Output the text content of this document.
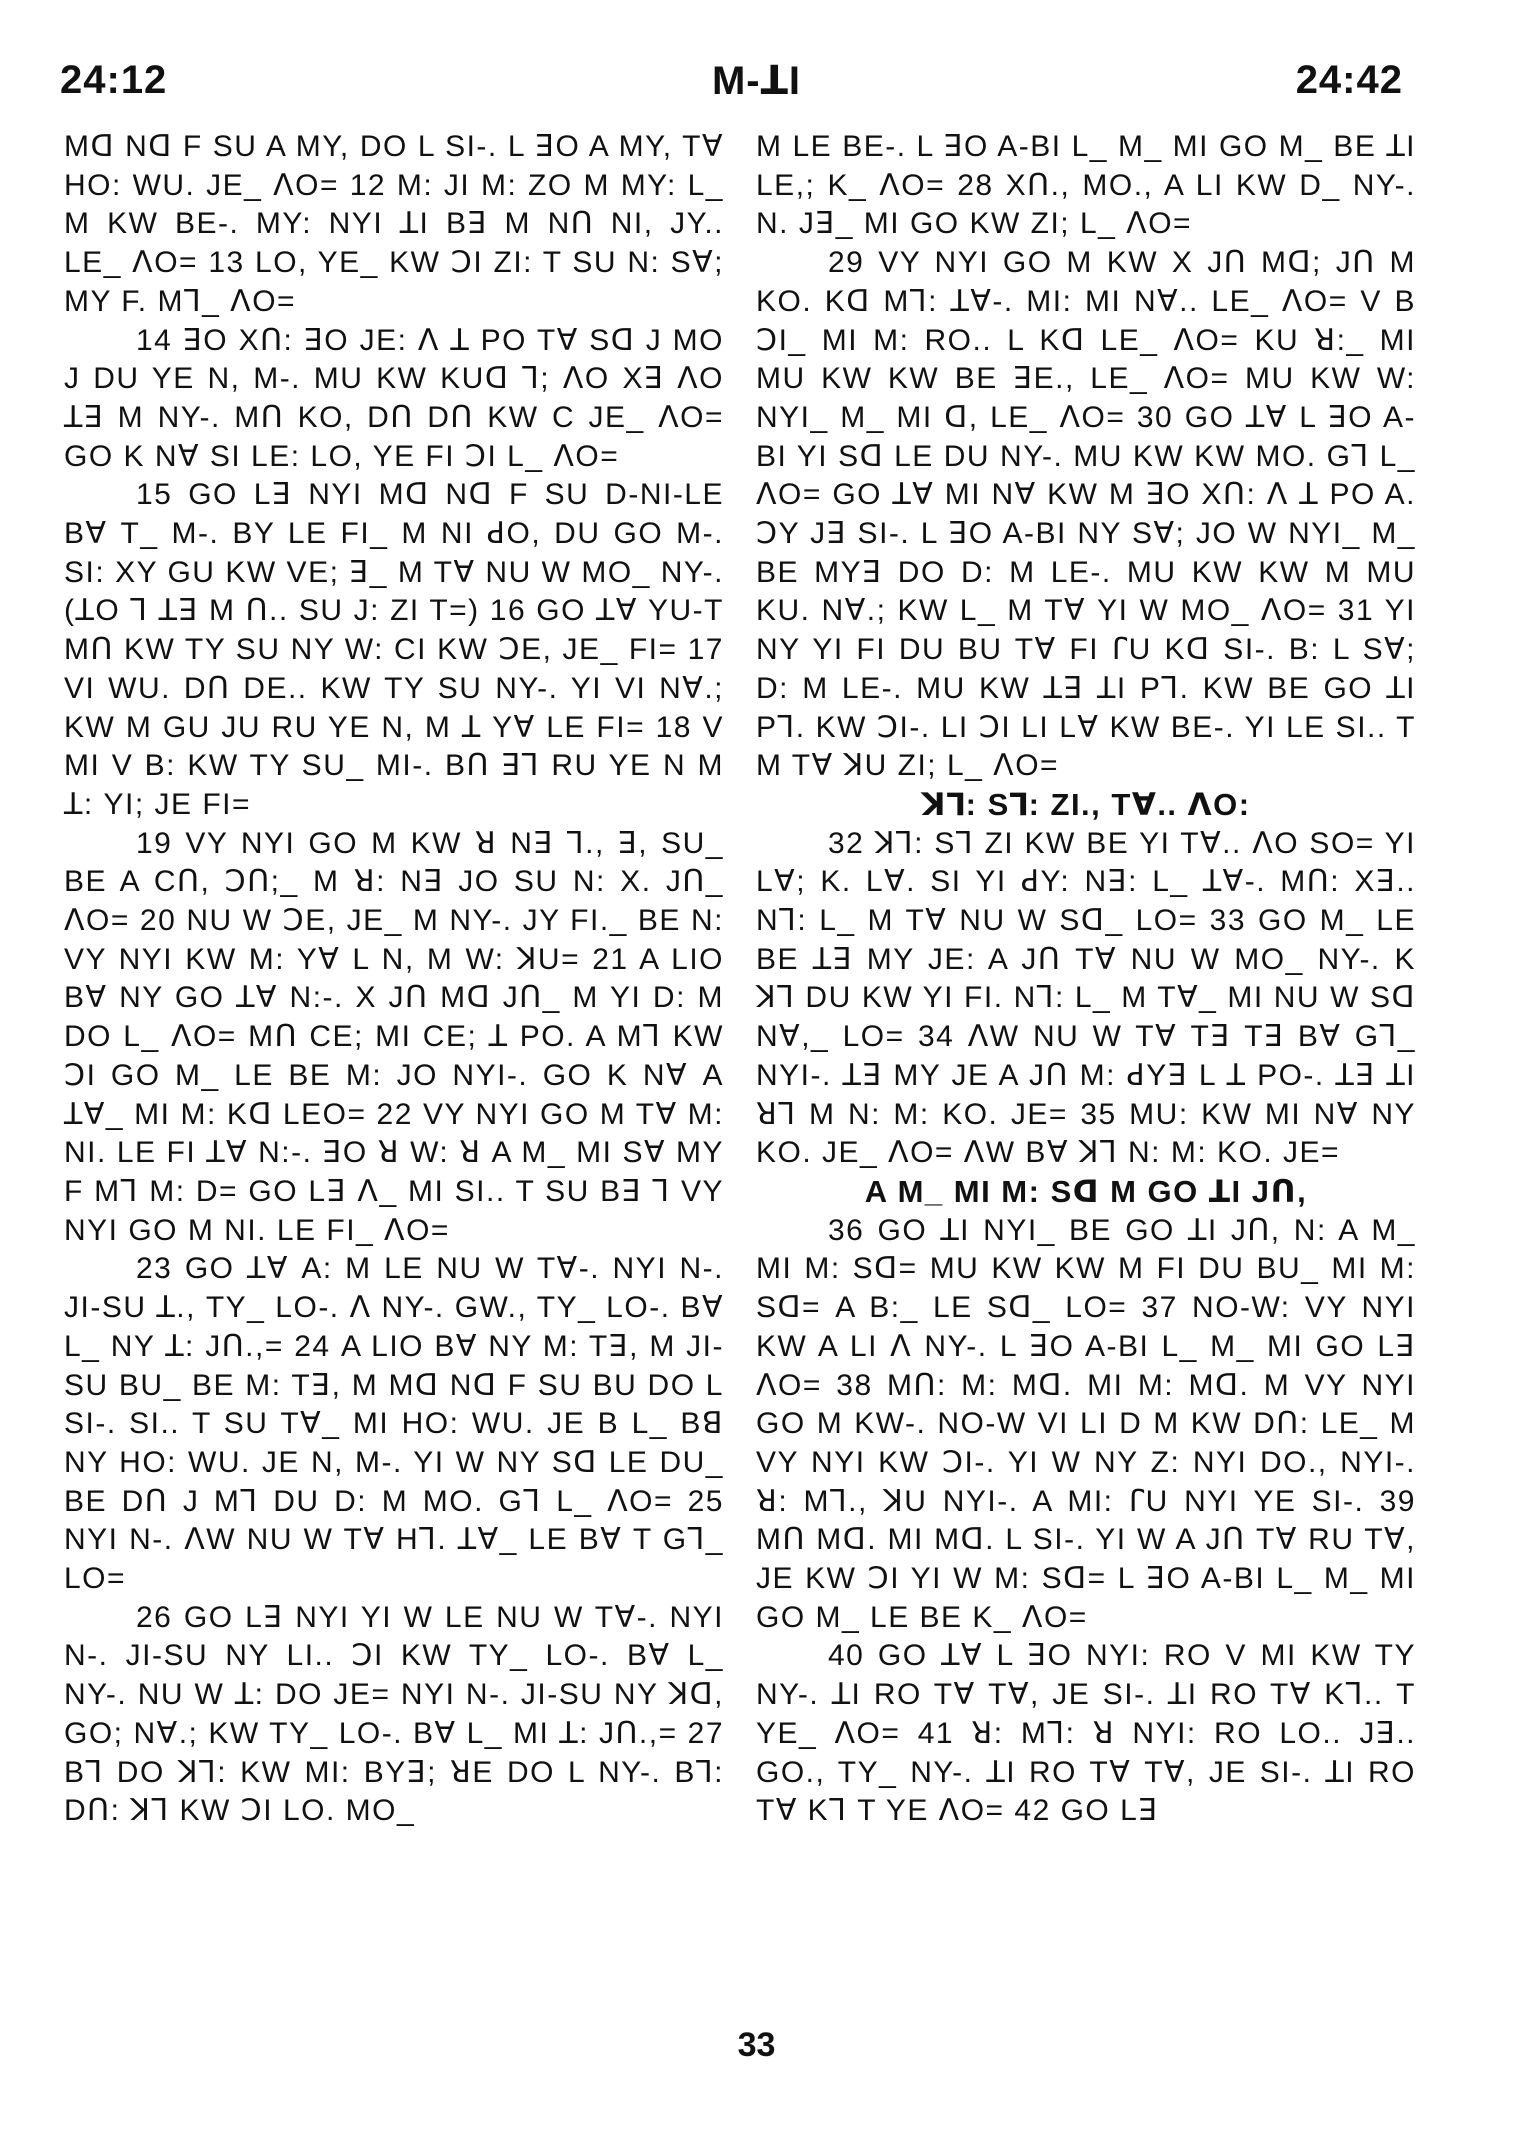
24:12	M-ꓕI	24:42

Mꓷ Nꓷ F SU A MY, DO L SI-. L ꓱO A MY, Tꓯ HO: WU. JE_ ꓥO= 12 M: JI M: ZO M MY: L_ M KW BE-. MY: NYI ꓕI Bꓱ M Nꓵ NI, JY.. LE_ ꓥO= 13 LO, YE_ KW ꓛI ZI: T SU N: Sꓯ; MY F. Mꓶ_ ꓥO=

14 ꓱO Xꓵ: ꓱO JE: ꓥ ꓕ PO Tꓯ Sꓷ J MO J DU YE N, M-. MU KW KUꓷ ꓶ; ꓥO Xꓱ ꓥO ꓕꓱ M NY-. Mꓵ KO, Dꓵ Dꓵ KW C JE_ ꓥO= GO K Nꓯ SI LE: LO, YE FI ꓛI L_ ꓥO=

15 GO Lꓱ NYI Mꓷ Nꓷ F SU D-NI-LE Bꓯ T_ M-. BY LE FI_ M NI ꓒO, DU GO M-. SI: XY GU KW VE; ꓱ_ M Tꓯ NU W MO_ NY-. (ꓕO ꓶ ꓕꓱ M ꓵ.. SU J: ZI T=) 16 GO ꓕꓯ YU-T Mꓵ KW TY SU NY W: CI KW ꓛE, JE_ FI= 17 VI WU. Dꓵ DE.. KW TY SU NY-. YI VI Nꓯ.; KW M GU JU RU YE N, M ꓕ Yꓯ LE FI= 18 V MI V B: KW TY SU_ MI-. Bꓵ ꓱꓶ RU YE N M ꓕ: YI; JE FI=

19 VY NYI GO M KW ꓤ Nꓱ ꓶ., ꓱ, SU_ BE A Cꓵ, ꓛꓵ;_ M ꓤ: Nꓱ JO SU N: X. Jꓵ_ ꓥO= 20 NU W ꓛE, JE_ M NY-. JY FI._ BE N: VY NYI KW M: Yꓯ L N, M W: ꓘU= 21 A LIO Bꓯ NY GO ꓕꓯ N:-. X Jꓵ Mꓷ Jꓵ_ M YI D: M DO L_ ꓥO= Mꓵ CE; MI CE; ꓕ PO. A Mꓶ KW ꓛI GO M_ LE BE M: JO NYI-. GO K Nꓯ A ꓕꓯ_ MI M: Kꓷ LEO= 22 VY NYI GO M Tꓯ M: NI. LE FI ꓕꓯ N:-. ꓱO ꓤ W: ꓤ A M_ MI Sꓯ MY F Mꓶ M: D= GO Lꓱ ꓥ_ MI SI.. T SU Bꓱ ꓶ VY NYI GO M NI. LE FI_ ꓥO=

23 GO ꓕꓯ A: M LE NU W Tꓯ-. NYI N-. JI-SU ꓕ., TY_ LO-. ꓥ NY-. GW., TY_ LO-. Bꓯ L_ NY ꓕ: Jꓵ.,= 24 A LIO Bꓯ NY M: Tꓱ, M JI-SU BU_ BE M: Tꓱ, M Mꓷ Nꓷ F SU BU DO L SI-. SI.. T SU Tꓯ_ MI HO: WU. JE B L_ Bꓭ NY HO: WU. JE N, M-. YI W NY Sꓷ LE DU_ BE Dꓵ J Mꓶ DU D: M MO. Gꓶ L_ ꓥO= 25 NYI N-. ꓥW NU W Tꓯ Hꓶ. ꓕꓯ_ LE Bꓯ T Gꓶ_ LO=

26 GO Lꓱ NYI YI W LE NU W Tꓯ-. NYI N-. JI-SU NY LI.. ꓛI KW TY_ LO-. Bꓯ L_ NY-. NU W ꓕ: DO JE= NYI N-. JI-SU NY ꓘꓷ, GO; Nꓯ.; KW TY_ LO-. Bꓯ L_ MI ꓕ: Jꓵ.,= 27 Bꓶ DO ꓘꓶ: KW MI: BYꓱ; ꓤE DO L NY-. Bꓶ: Dꓵ: ꓘꓶ KW ꓛI LO. MO_

M LE BE-. L ꓱO A-BI L_ M_ MI GO M_ BE ꓕI LE,; K_ ꓥO= 28 Xꓵ., MO., A LI KW D_ NY-. N. Jꓱ_ MI GO KW ZI; L_ ꓥO=

29 VY NYI GO M KW X Jꓵ Mꓷ; Jꓵ M KO. Kꓷ Mꓶ: ꓕꓯ-. MI: MI Nꓯ.. LE_ ꓥO= V B ꓛI_ MI M: RO.. L Kꓷ LE_ ꓥO= KU ꓤ:_ MI MU KW KW BE ꓱE., LE_ ꓥO= MU KW W: NYI_ M_ MI ꓷ, LE_ ꓥO= 30 GO ꓕꓯ L ꓱO A-BI YI Sꓷ LE DU NY-. MU KW KW MO. Gꓶ L_ ꓥO= GO ꓕꓯ MI Nꓯ KW M ꓱO Xꓵ: ꓥ ꓕ PO A. ꓛY Jꓱ SI-. L ꓱO A-BI NY Sꓯ; JO W NYI_ M_ BE MYꓱ DO D: M LE-. MU KW KW M MU KU. Nꓯ.; KW L_ M Tꓯ YI W MO_ ꓥO= 31 YI NY YI FI DU BU Tꓯ FI ꓩU Kꓷ SI-. B: L Sꓯ; D: M LE-. MU KW ꓕꓱ ꓕI Pꓶ. KW BE GO ꓕI Pꓶ. KW ꓛI-. LI ꓛI LI Lꓯ KW BE-. YI LE SI.. T M Tꓯ ꓘU ZI; L_ ꓥO=

ꓘꓶ: Sꓶ: ZI., Tꓯ.. ꓥO:

32 ꓘꓶ: Sꓶ ZI KW BE YI Tꓯ.. ꓥO SO= YI Lꓯ; K. Lꓯ. SI YI ꓒY: Nꓱ: L_ ꓕꓯ-. Mꓵ: Xꓱ.. Nꓶ: L_ M Tꓯ NU W Sꓷ_ LO= 33 GO M_ LE BE ꓕꓱ MY JE: A Jꓵ Tꓯ NU W MO_ NY-. K ꓘꓶ DU KW YI FI. Nꓶ: L_ M Tꓯ_ MI NU W Sꓷ Nꓯ,_ LO= 34 ꓥW NU W Tꓯ Tꓱ Tꓱ Bꓯ Gꓶ_ NYI-. ꓕꓱ MY JE A Jꓵ M: ꓒYꓱ L ꓕ PO-. ꓕꓱ ꓕI ꓤꓶ M N: M: KO. JE= 35 MU: KW MI Nꓯ NY KO. JE_ ꓥO= ꓥW Bꓯ ꓘꓶ N: M: KO. JE=

A M_ MI M: Sꓷ M GO ꓕI Jꓵ,

36 GO ꓕI NYI_ BE GO ꓕI Jꓵ, N: A M_ MI M: Sꓷ= MU KW KW M FI DU BU_ MI M: Sꓷ= A B:_ LE Sꓷ_ LO= 37 NO-W: VY NYI KW A LI ꓥ NY-. L ꓱO A-BI L_ M_ MI GO Lꓱ ꓥO= 38 Mꓵ: M: Mꓷ. MI M: Mꓷ. M VY NYI GO M KW-. NO-W VI LI D M KW Dꓵ: LE_ M VY NYI KW ꓛI-. YI W NY Z: NYI DO., NYI-. ꓤ: Mꓶ., ꓘU NYI-. A MI: ꓩU NYI YE SI-. 39 Mꓵ Mꓷ. MI Mꓷ. L SI-. YI W A Jꓵ Tꓯ RU Tꓯ, JE KW ꓛI YI W M: Sꓷ= L ꓱO A-BI L_ M_ MI GO M_ LE BE K_ ꓥO=

40 GO ꓕꓯ L ꓱO NYI: RO V MI KW TY NY-. ꓕI RO Tꓯ Tꓯ, JE SI-. ꓕI RO Tꓯ Kꓶ.. T YE_ ꓥO= 41 ꓤ: Mꓶ: ꓤ NYI: RO LO.. Jꓱ.. GO., TY_ NY-. ꓕI RO Tꓯ Tꓯ, JE SI-. ꓕI RO Tꓯ Kꓶ T YE ꓥO= 42 GO Lꓱ

33
